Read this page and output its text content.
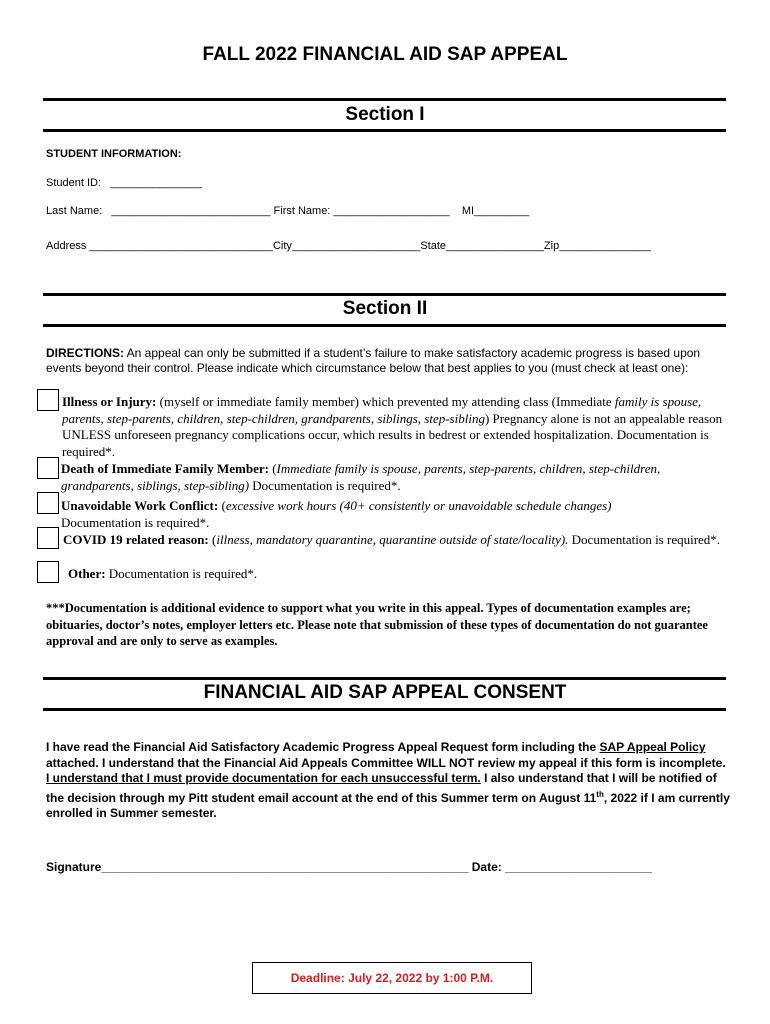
FALL 2022 FINANCIAL AID SAP APPEAL
Section I
STUDENT INFORMATION:
Student ID:   _______________
Last Name:   __________________________ First Name: ___________________    MI_________
Address ______________________________City_____________________State________________Zip_______________
Section II
DIRECTIONS: An appeal can only be submitted if a student’s failure to make satisfactory academic progress is based upon events beyond their control. Please indicate which circumstance below that best applies to you (must check at least one):
Illness or Injury: (myself or immediate family member) which prevented my attending class (Immediate family is spouse, parents, step-parents, children, step-children, grandparents, siblings, step-sibling) Pregnancy alone is not an appealable reason UNLESS unforeseen pregnancy complications occur, which results in bedrest or extended hospitalization. Documentation is required*.
Death of Immediate Family Member: (Immediate family is spouse, parents, step-parents, children, step-children, grandparents, siblings, step-sibling) Documentation is required*.
Unavoidable Work Conflict: (excessive work hours (40+ consistently or unavoidable schedule changes) Documentation is required*.
COVID 19 related reason: (illness, mandatory quarantine, quarantine outside of state/locality). Documentation is required*.
Other: Documentation is required*.
***Documentation is additional evidence to support what you write in this appeal. Types of documentation examples are; obituaries, doctor’s notes, employer letters etc. Please note that submission of these types of documentation do not guarantee approval and are only to serve as examples.
FINANCIAL AID SAP APPEAL CONSENT
I have read the Financial Aid Satisfactory Academic Progress Appeal Request form including the SAP Appeal Policy attached. I understand that the Financial Aid Appeals Committee WILL NOT review my appeal if this form is incomplete. I understand that I must provide documentation for each unsuccessful term. I also understand that I will be notified of the decision through my Pitt student email account at the end of this Summer term on August 11th, 2022 if I am currently enrolled in Summer semester.
Signature_______________________________________________________ Date: ______________________
Deadline: July 22, 2022 by 1:00 P.M.
